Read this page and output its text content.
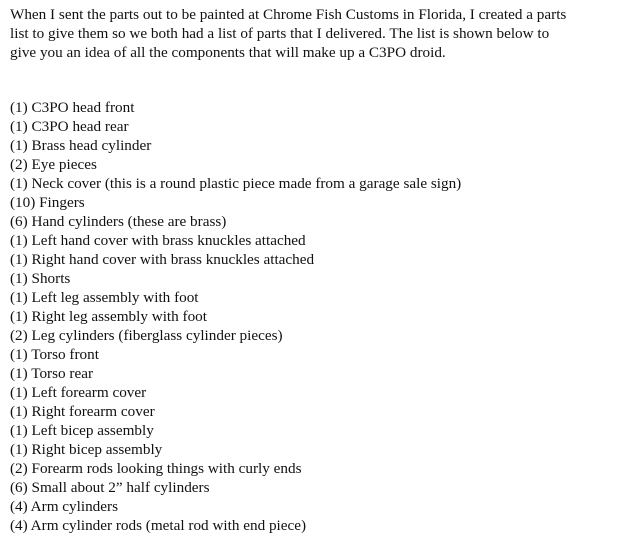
When I sent the parts out to be painted at Chrome Fish Customs in Florida, I created a parts
list to give them so we both had a list of parts that I delivered. The list is shown below to
give you an idea of all the components that will make up a C3PO droid.

(1) C3PO head front
(1) C3PO head rear
(1) Brass head cylinder
(2) Eye pieces
(1) Neck cover (this is a round plastic piece made from a garage sale sign)
(10) Fingers
(6) Hand cylinders (these are brass)
(1) Left hand cover with brass knuckles attached
(1) Right hand cover with brass knuckles attached
(1) Shorts
(1) Left leg assembly with foot
(1) Right leg assembly with foot
(2) Leg cylinders (fiberglass cylinder pieces)
(1) Torso front
(1) Torso rear
(1) Left forearm cover
(1) Right forearm cover
(1) Left bicep assembly
(1) Right bicep assembly
(2) Forearm rods looking things with curly ends
(6) Small about 2” half cylinders
(4) Arm cylinders
(4) Arm cylinder rods (metal rod with end piece)
